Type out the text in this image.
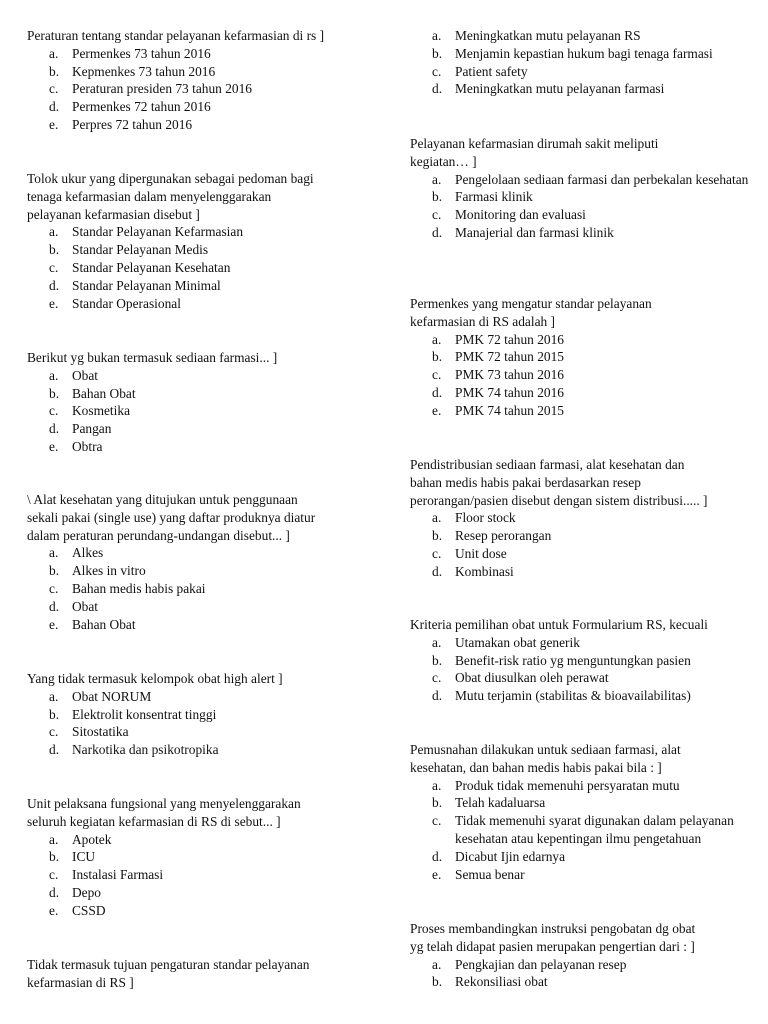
Peraturan tentang standar pelayanan kefarmasian di rs ]

a. Permenkes 73 tahun 2016
b. Kepmenkes 73 tahun 2016
c. Peraturan presiden 73 tahun 2016
d. Permenkes 72 tahun 2016
e. Perpres 72 tahun 2016

Tolok ukur yang dipergunakan sebagai pedoman bagi
tenaga kefarmasian dalam menyelenggarakan
pelayanan kefarmasian disebut ]

a. Standar Pelayanan Kefarmasian
b. Standar Pelayanan Medis
c. Standar Pelayanan Kesehatan
d. Standar Pelayanan Minimal
e. Standar Operasional

Berikut yg bukan termasuk sediaan farmasi... ]

a. Obat
b. Bahan Obat
c. Kosmetika
d. Pangan
e. Obtra

\ Alat kesehatan yang ditujukan untuk penggunaan
sekali pakai (single use) yang daftar produknya diatur
dalam peraturan perundang-undangan disebut... ]

a. Alkes
b. Alkes in vitro
c. Bahan medis habis pakai
d. Obat
e. Bahan Obat

Yang tidak termasuk kelompok obat high alert ]

a. Obat NORUM
b. Elektrolit konsentrat tinggi
c. Sitostatika
d. Narkotika dan psikotropika

Unit pelaksana fungsional yang menyelenggarakan
seluruh kegiatan kefarmasian di RS di sebut... ]

a. Apotek
b. ICU
c. Instalasi Farmasi
d. Depo
e. CSSD

Tidak termasuk tujuan pengaturan standar pelayanan
kefarmasian di RS ]

a. Meningkatkan mutu pelayanan RS
b. Menjamin kepastian hukum bagi tenaga farmasi
c. Patient safety
d. Meningkatkan mutu pelayanan farmasi

Pelayanan kefarmasian dirumah sakit meliputi
kegiatan… ]

a. Pengelolaan sediaan farmasi dan perbekalan kesehatan
b. Farmasi klinik
c. Monitoring dan evaluasi
d. Manajerial dan farmasi klinik

Permenkes yang mengatur standar pelayanan
kefarmasian di RS adalah ]

a. PMK 72 tahun 2016
b. PMK 72 tahun 2015
c. PMK 73 tahun 2016
d. PMK 74 tahun 2016
e. PMK 74 tahun 2015

Pendistribusian sediaan farmasi, alat kesehatan dan
bahan medis habis pakai berdasarkan resep
perorangan/pasien disebut dengan sistem distribusi..... ]

a. Floor stock
b. Resep perorangan
c. Unit dose
d. Kombinasi

Kriteria pemilihan obat untuk Formularium RS, kecuali

a. Utamakan obat generik
b. Benefit-risk ratio yg menguntungkan pasien
c. Obat diusulkan oleh perawat
d. Mutu terjamin (stabilitas & bioavailabilitas)

Pemusnahan dilakukan untuk sediaan farmasi, alat
kesehatan, dan bahan medis habis pakai bila : ]

a. Produk tidak memenuhi persyaratan mutu
b. Telah kadaluarsa
c. Tidak memenuhi syarat digunakan dalam pelayanan kesehatan atau kepentingan ilmu pengetahuan
d. Dicabut Ijin edarnya
e. Semua benar

Proses membandingkan instruksi pengobatan dg obat
yg telah didapat pasien merupakan pengertian dari : ]

a. Pengkajian dan pelayanan resep
b. Rekonsiliasi obat
